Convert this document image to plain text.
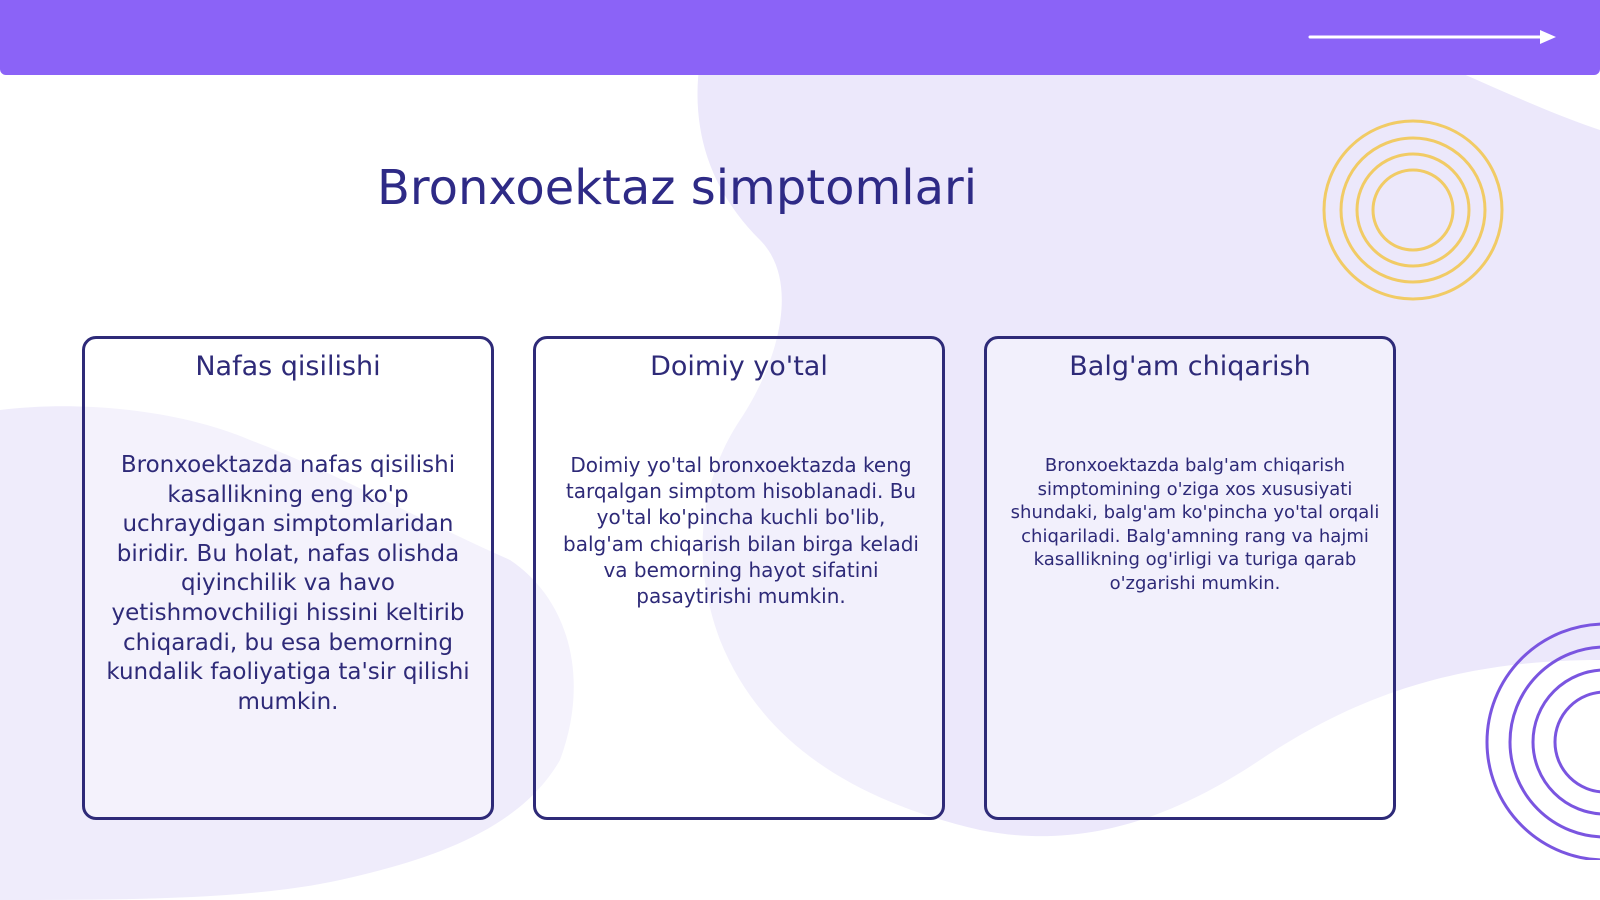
Bronxoektaz simptomlari
Nafas qisilishi

Bronxoektazda nafas qisilishi kasallikning eng ko'p uchraydigan simptomlaridan biridir. Bu holat, nafas olishda qiyinchilik va havo yetishmovchiligi hissini keltirib chiqaradi, bu esa bemorning kundalik faoliyatiga ta'sir qilishi mumkin.

Doimiy yo'tal

Doimiy yo'tal bronxoektazda keng tarqalgan simptom hisoblanadi. Bu yo'tal ko'pincha kuchli bo'lib, balg'am chiqarish bilan birga keladi va bemorning hayot sifatini pasaytirishi mumkin.

Balg'am chiqarish

Bronxoektazda balg'am chiqarish simptomining o'ziga xos xususiyati shundaki, balg'am ko'pincha yo'tal orqali chiqariladi. Balg'amning rang va hajmi kasallikning og'irligi va turiga qarab o'zgarishi mumkin.
